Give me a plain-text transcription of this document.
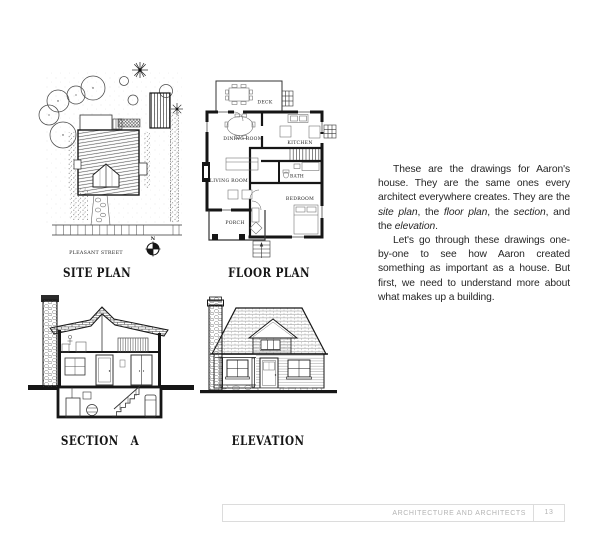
PLEASANT STREET
N
SITE PLAN
DECK
DINING ROOM
KITCHEN
LIVING ROOM
BATH
BEDROOM
PORCH
FLOOR PLAN

These are the drawings for Aaron's house. They are the same ones every architect everywhere creates. They are the site plan, the floor plan, the section, and the elevation.

Let's go through these drawings one-by-one to see how Aaron created something as important as a house. But first, we need to understand more about what makes up a building.

SECTION A	ELEVATION
ARCHITECTURE AND ARCHITECTS	13
